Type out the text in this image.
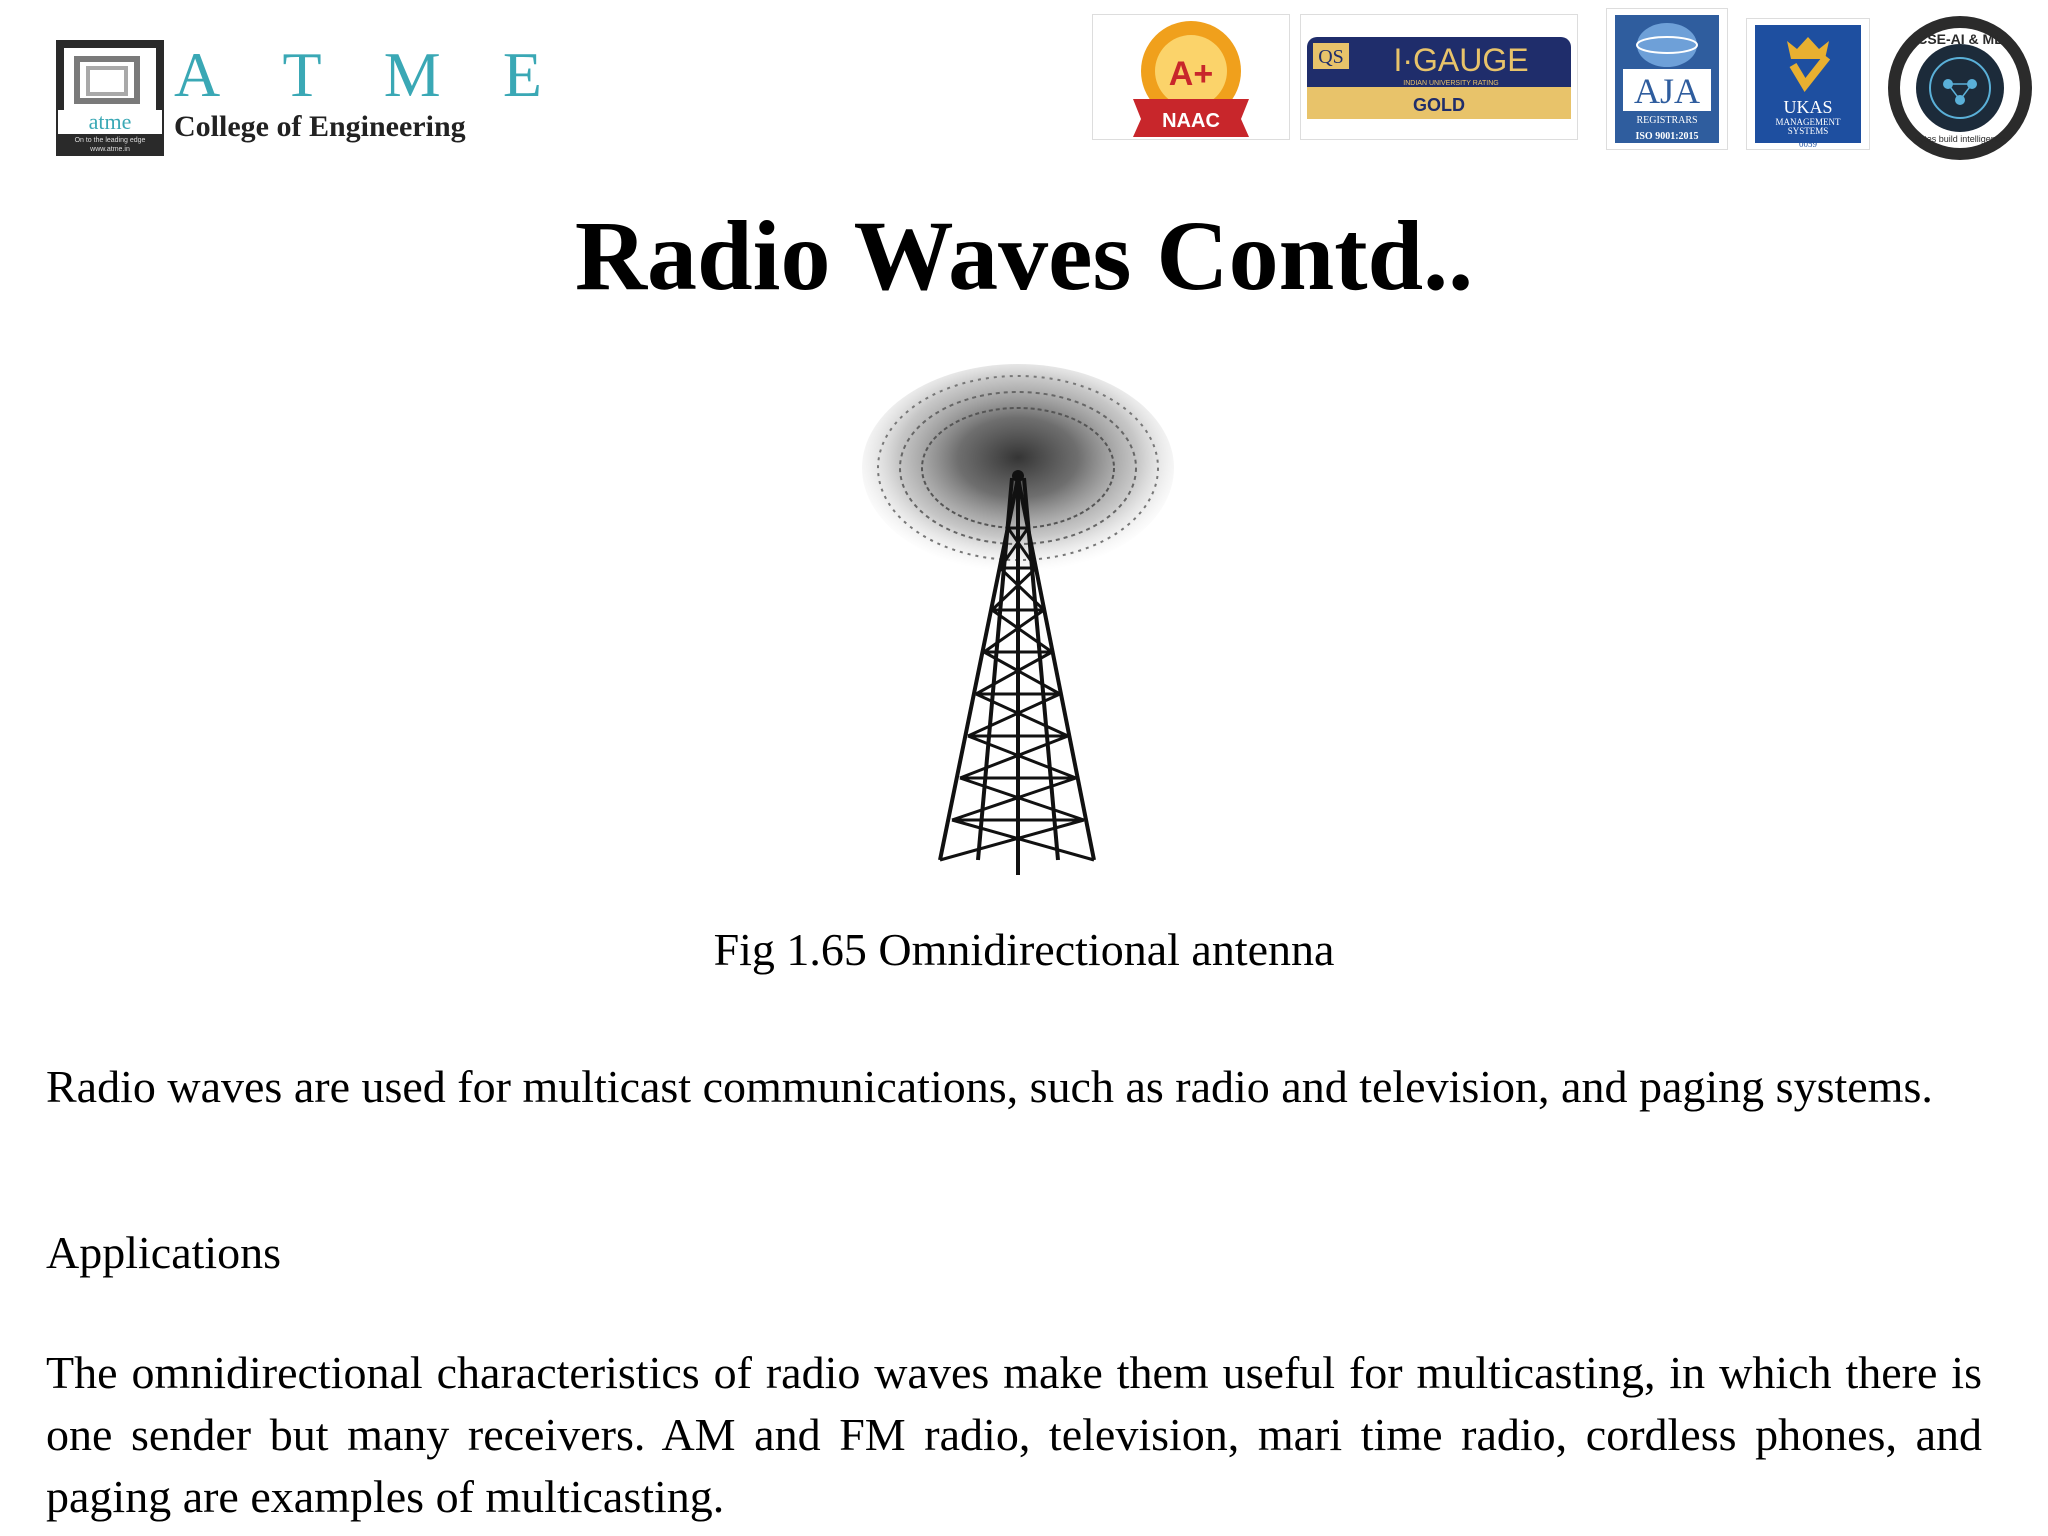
atme
On to the leading edge
www.atme.in
A T M E
College of Engineering
A+
NAAC
QS I·GAUGE
INDIAN UNIVERSITY RATING
GOLD	AJA
REGISTRARS
ISO 9001:2015
UKAS
MANAGEMENT
SYSTEMS
0059
CSE-AI & ML
bytes build intelligence
Radio Waves Contd..
Fig 1.65 Omnidirectional antenna
Radio waves are used for multicast communications, such as radio and television, and paging systems.
Applications
The omnidirectional characteristics of radio waves make them useful for multicasting, in which there is one sender but many receivers. AM and FM radio, television, mari time radio, cordless phones, and paging are examples of multicasting.
